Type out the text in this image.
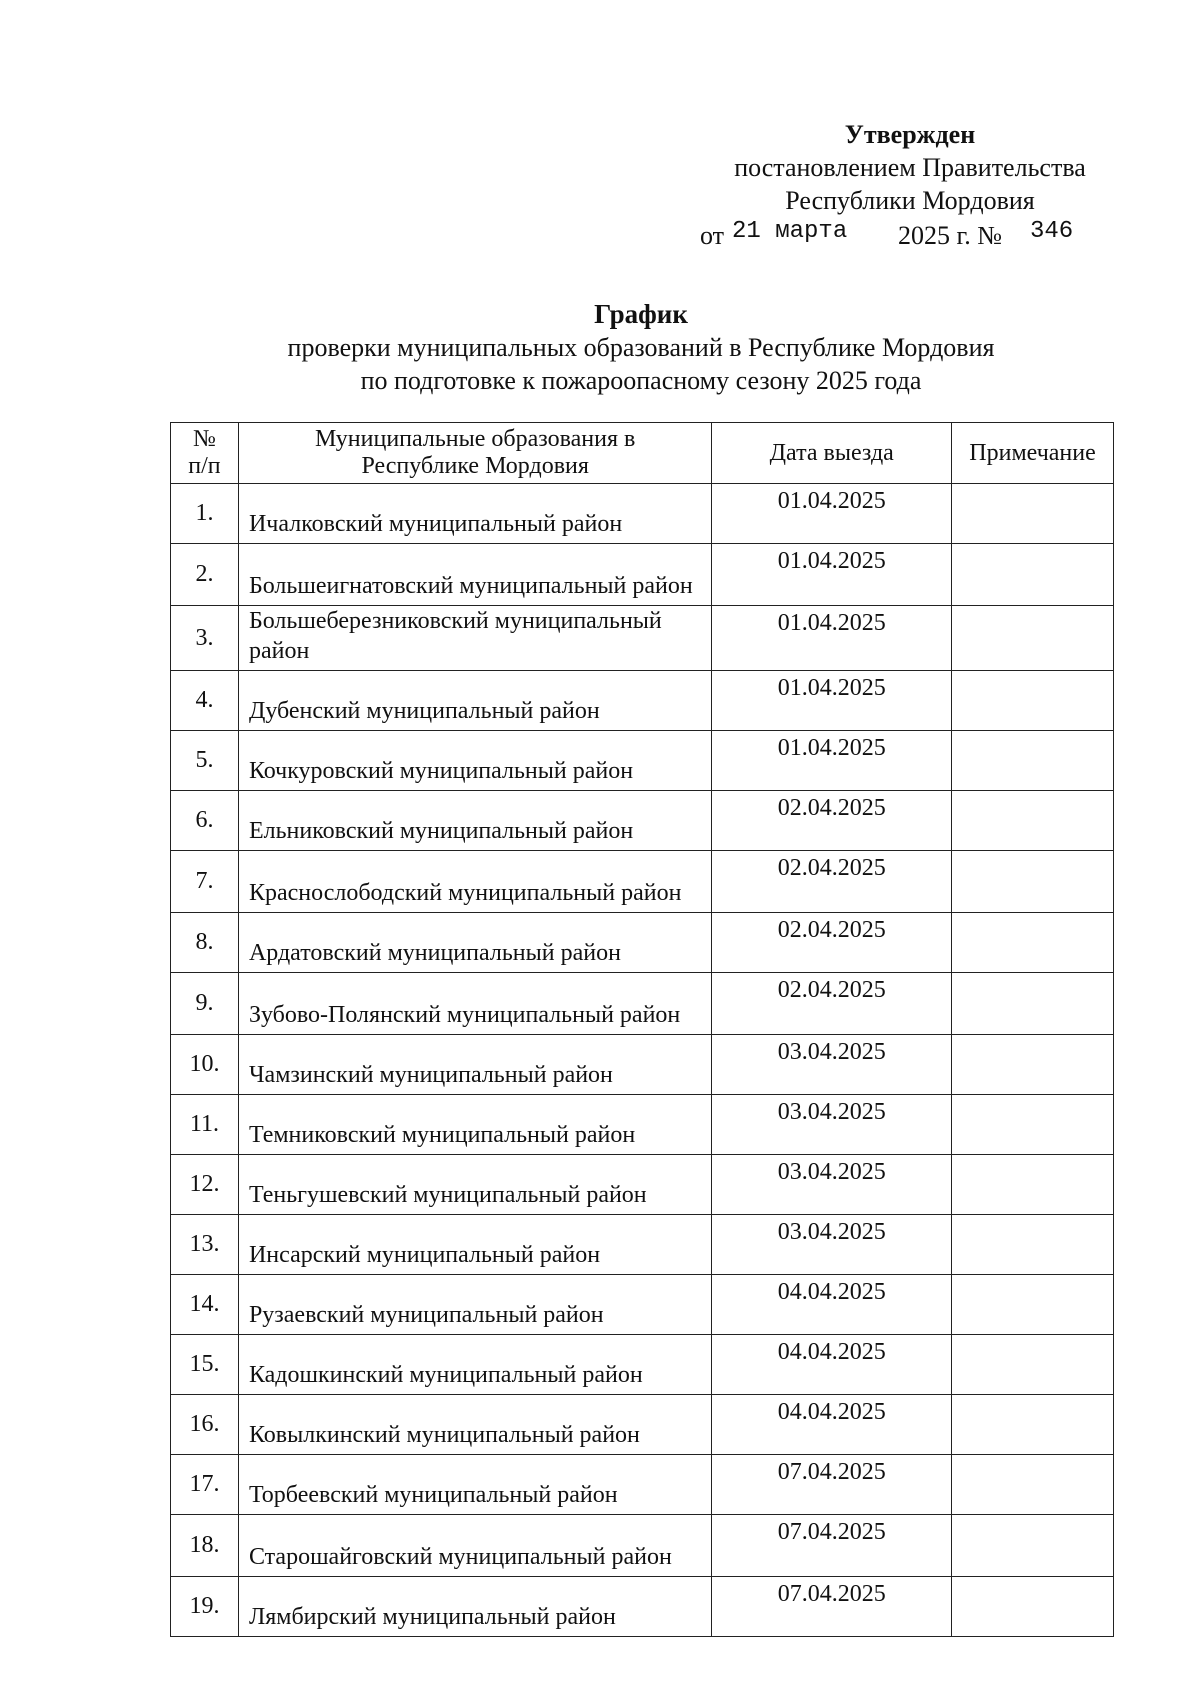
Утвержден
постановлением Правительства
Республики Мордовия
от 21 марта 2025 г. № 346
График
проверки муниципальных образований в Республике Мордовия
по подготовке к пожароопасному сезону 2025 года
№ п/п	Муниципальные образования в Республике Мордовия	Дата выезда	Примечание
1.	Ичалковский муниципальный район	01.04.2025	
2.	Большеигнатовский муниципальный район	01.04.2025	
3.	Большеберезниковский муниципальный район	01.04.2025	
4.	Дубенский муниципальный район	01.04.2025	
5.	Кочкуровский муниципальный район	01.04.2025	
6.	Ельниковский муниципальный район	02.04.2025	
7.	Краснослободский муниципальный район	02.04.2025	
8.	Ардатовский муниципальный район	02.04.2025	
9.	Зубово-Полянский муниципальный район	02.04.2025	
10.	Чамзинский муниципальный район	03.04.2025	
11.	Темниковский муниципальный район	03.04.2025	
12.	Теньгушевский муниципальный район	03.04.2025	
13.	Инсарский муниципальный район	03.04.2025	
14.	Рузаевский муниципальный район	04.04.2025	
15.	Кадошкинский муниципальный район	04.04.2025	
16.	Ковылкинский муниципальный район	04.04.2025	
17.	Торбеевский муниципальный район	07.04.2025	
18.	Старошайговский муниципальный район	07.04.2025	
19.	Лямбирский муниципальный район	07.04.2025	
